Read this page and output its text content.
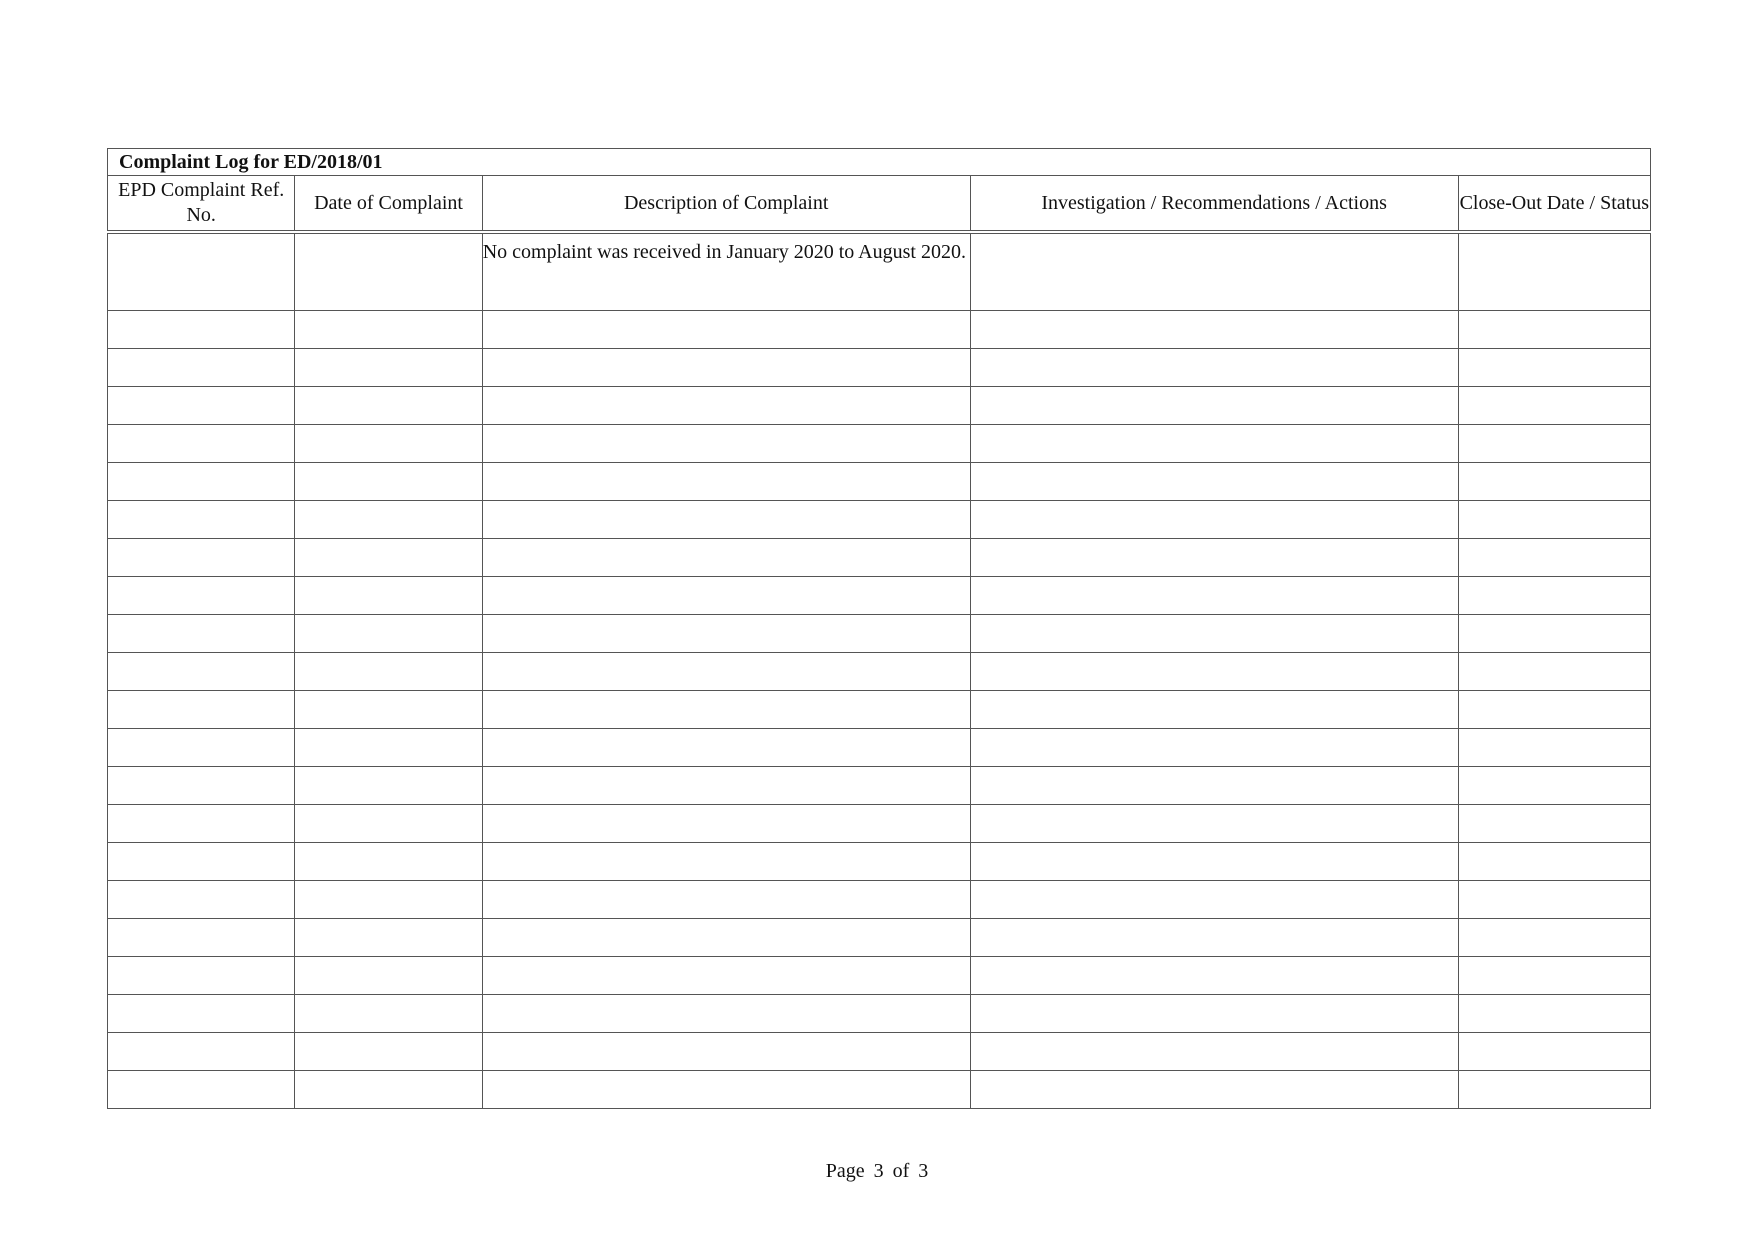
Complaint Log for ED/2018/01				
EPD Complaint Ref. No.	Date of Complaint	Description of Complaint	Investigation / Recommendations / Actions	Close-Out Date / Status
		No complaint was received in January 2020 to August 2020.		

Page 3 of 3
